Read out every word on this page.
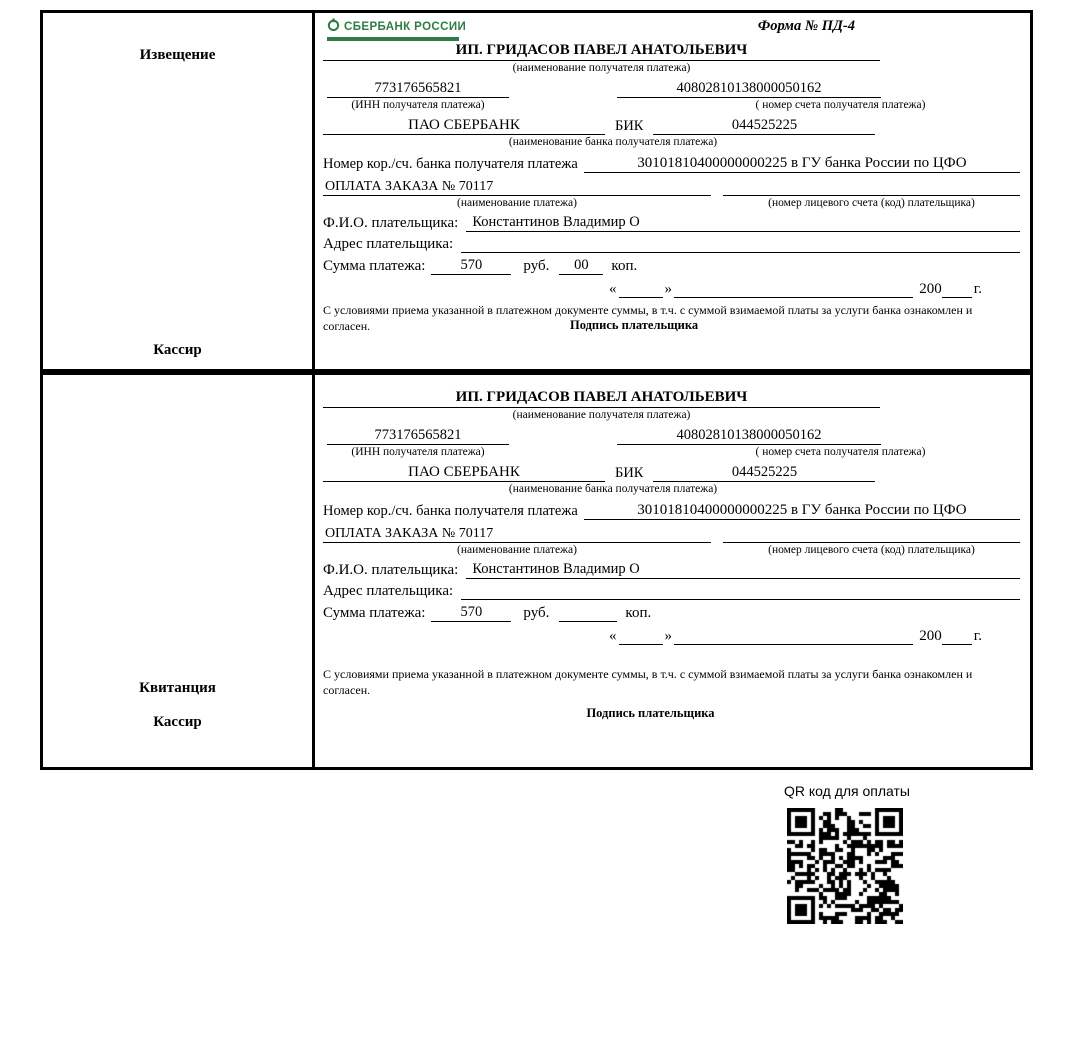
Извещение
Кассир
СБЕРБАНК РОССИИ	Форма № ПД-4
ИП. ГРИДАСОВ ПАВЕЛ АНАТОЛЬЕВИЧ
(наименование получателя платежа)
773176565821	40802810138000050162
(ИНН получателя платежа)	( номер счета получателя платежа)
ПАО СБЕРБАНК	БИК	044525225
(наименование банка получателя платежа)
Номер кор./сч. банка получателя платежа	30101810400000000225 в ГУ банка России по ЦФО
ОПЛАТА ЗАКАЗА № 70117
(наименование платежа)	(номер лицевого счета (код) плательщика)
Ф.И.О. плательщика: Константинов Владимир О
Адрес плательщика:
Сумма платежа:	570	руб.	00	коп.
«	»	200 г.
С условиями приема указанной в платежном документе суммы, в т.ч. с суммой взимаемой платы за услуги банка ознакомлен и согласен.	Подпись плательщика
Квитанция
Кассир
ИП. ГРИДАСОВ ПАВЕЛ АНАТОЛЬЕВИЧ
(наименование получателя платежа)
773176565821	40802810138000050162
(ИНН получателя платежа)	( номер счета получателя платежа)
ПАО СБЕРБАНК	БИК	044525225
(наименование банка получателя платежа)
Номер кор./сч. банка получателя платежа	30101810400000000225 в ГУ банка России по ЦФО
ОПЛАТА ЗАКАЗА № 70117
(наименование платежа)	(номер лицевого счета (код) плательщика)
Ф.И.О. плательщика: Константинов Владимир О
Адрес плательщика:
Сумма платежа:	570	руб.	коп.
«	»	200 г.
С условиями приема указанной в платежном документе суммы, в т.ч. с суммой взимаемой платы за услуги банка ознакомлен и согласен.
Подпись плательщика
QR код для оплаты
